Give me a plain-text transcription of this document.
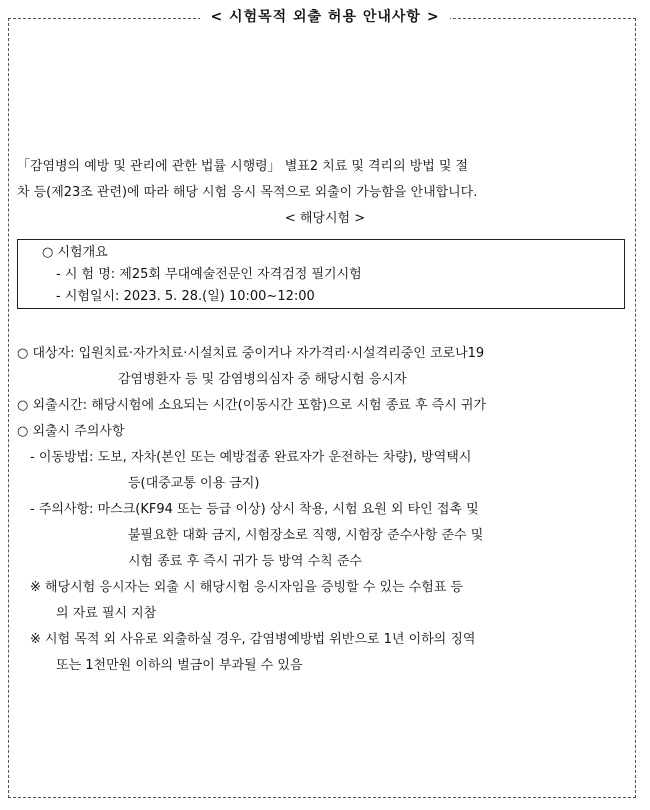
< 시험목적 외출 허용 안내사항 >
「감염병의 예방 및 관리에 관한 법률 시행령」 별표2 치료 및 격리의 방법 및 절
차 등(제23조 관련)에 따라 해당 시험 응시 목적으로 외출이 가능함을 안내합니다.
< 해당시험 >
○ 시험개요
- 시 험 명: 제25회 무대예술전문인 자격검정 필기시험
- 시험일시: 2023. 5. 28.(일) 10:00~12:00
○ 대상자: 입원치료·자가치료·시설치료 중이거나 자가격리·시설격리중인 코로나19
감염병환자 등 및 감염병의심자 중 해당시험 응시자
○ 외출시간: 해당시험에 소요되는 시간(이동시간 포함)으로 시험 종료 후 즉시 귀가
○ 외출시 주의사항
- 이동방법: 도보, 자차(본인 또는 예방접종 완료자가 운전하는 차량), 방역택시
등(대중교통 이용 금지)
- 주의사항: 마스크(KF94 또는 등급 이상) 상시 착용, 시험 요원 외 타인 접촉 및
불필요한 대화 금지, 시험장소로 직행, 시험장 준수사항 준수 및
시험 종료 후 즉시 귀가 등 방역 수칙 준수
※ 해당시험 응시자는 외출 시 해당시험 응시자임을 증빙할 수 있는 수험표 등
의 자료 필시 지참
※ 시험 목적 외 사유로 외출하실 경우, 감염병예방법 위반으로 1년 이하의 징역
또는 1천만원 이하의 벌금이 부과될 수 있음
